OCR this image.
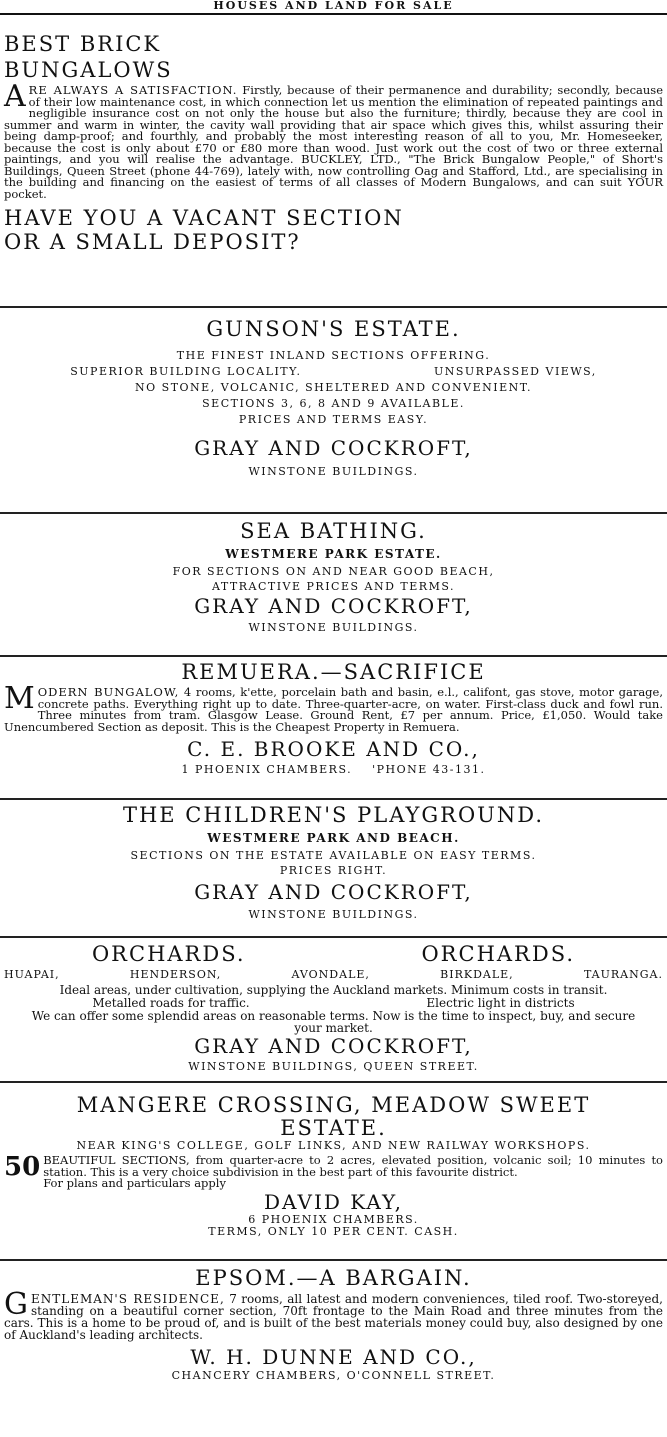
HOUSES AND LAND FOR SALE
BEST BRICK
BUNGALOWS
A RE ALWAYS A SATISFACTION. Firstly, because of their permanence and durability; secondly, because of their low maintenance cost, in which connection let us mention the elimination of repeated paintings and negligible insurance cost on not only the house but also the furniture; thirdly, because they are cool in summer and warm in winter, the cavity wall providing that air space which gives this, whilst assuring their being damp-proof; and fourthly, and probably the most interesting reason of all to you, Mr. Homeseeker, because the cost is only about £70 or £80 more than wood. Just work out the cost of two or three external paintings, and you will realise the advantage. BUCKLEY, LTD., "The Brick Bungalow People," of Short's Buildings, Queen Street (phone 44-769), lately with, now controlling Oag and Stafford, Ltd., are specialising in the building and financing on the easiest of terms of all classes of Modern Bungalows, and can suit YOUR pocket.
HAVE YOU A VACANT SECTION
OR A SMALL DEPOSIT?
GUNSON'S ESTATE.
THE FINEST INLAND SECTIONS OFFERING.
SUPERIOR BUILDING LOCALITY.	UNSURPASSED VIEWS,
NO STONE, VOLCANIC, SHELTERED AND CONVENIENT.
SECTIONS 3, 6, 8 AND 9 AVAILABLE.
PRICES AND TERMS EASY.
GRAY AND COCKROFT,
WINSTONE BUILDINGS.
SEA BATHING.
WESTMERE PARK ESTATE.
FOR SECTIONS ON AND NEAR GOOD BEACH,
ATTRACTIVE PRICES AND TERMS.
GRAY AND COCKROFT,
WINSTONE BUILDINGS.
REMUERA.—SACRIFICE
M ODERN BUNGALOW, 4 rooms, k'ette, porcelain bath and basin, e.l., califont, gas stove, motor garage, concrete paths. Everything right up to date. Three-quarter-acre, on water. First-class duck and fowl run. Three minutes from tram. Glasgow Lease. Ground Rent, £7 per annum. Price, £1,050. Would take Unencumbered Section as deposit. This is the Cheapest Property in Remuera.
C. E. BROOKE AND CO.,
1 PHOENIX CHAMBERS.    'PHONE 43-131.
THE CHILDREN'S PLAYGROUND.
WESTMERE PARK AND BEACH.
SECTIONS ON THE ESTATE AVAILABLE ON EASY TERMS.
PRICES RIGHT.
GRAY AND COCKROFT,
WINSTONE BUILDINGS.
ORCHARDS.	ORCHARDS.
HUAPAI,	HENDERSON,	AVONDALE,	BIRKDALE,	TAURANGA.
Ideal areas, under cultivation, supplying the Auckland markets. Minimum costs in transit.
Metalled roads for traffic.	Electric light in districts
We can offer some splendid areas on reasonable terms. Now is the time to inspect, buy, and secure your market.
GRAY AND COCKROFT,
WINSTONE BUILDINGS, QUEEN STREET.
MANGERE CROSSING, MEADOW SWEET
ESTATE.
NEAR KING'S COLLEGE, GOLF LINKS, AND NEW RAILWAY WORKSHOPS.
50 BEAUTIFUL SECTIONS, from quarter-acre to 2 acres, elevated position, volcanic soil; 10 minutes to station. This is a very choice subdivision in the best part of this favourite district.
For plans and particulars apply
DAVID KAY,
6 PHOENIX CHAMBERS.
TERMS, ONLY 10 PER CENT. CASH.
EPSOM.—A BARGAIN.
G ENTLEMAN'S RESIDENCE, 7 rooms, all latest and modern conveniences, tiled roof. Two-storeyed, standing on a beautiful corner section, 70ft frontage to the Main Road and three minutes from the cars. This is a home to be proud of, and is built of the best materials money could buy, also designed by one of Auckland's leading architects.
W. H. DUNNE AND CO.,
CHANCERY CHAMBERS, O'CONNELL STREET.
